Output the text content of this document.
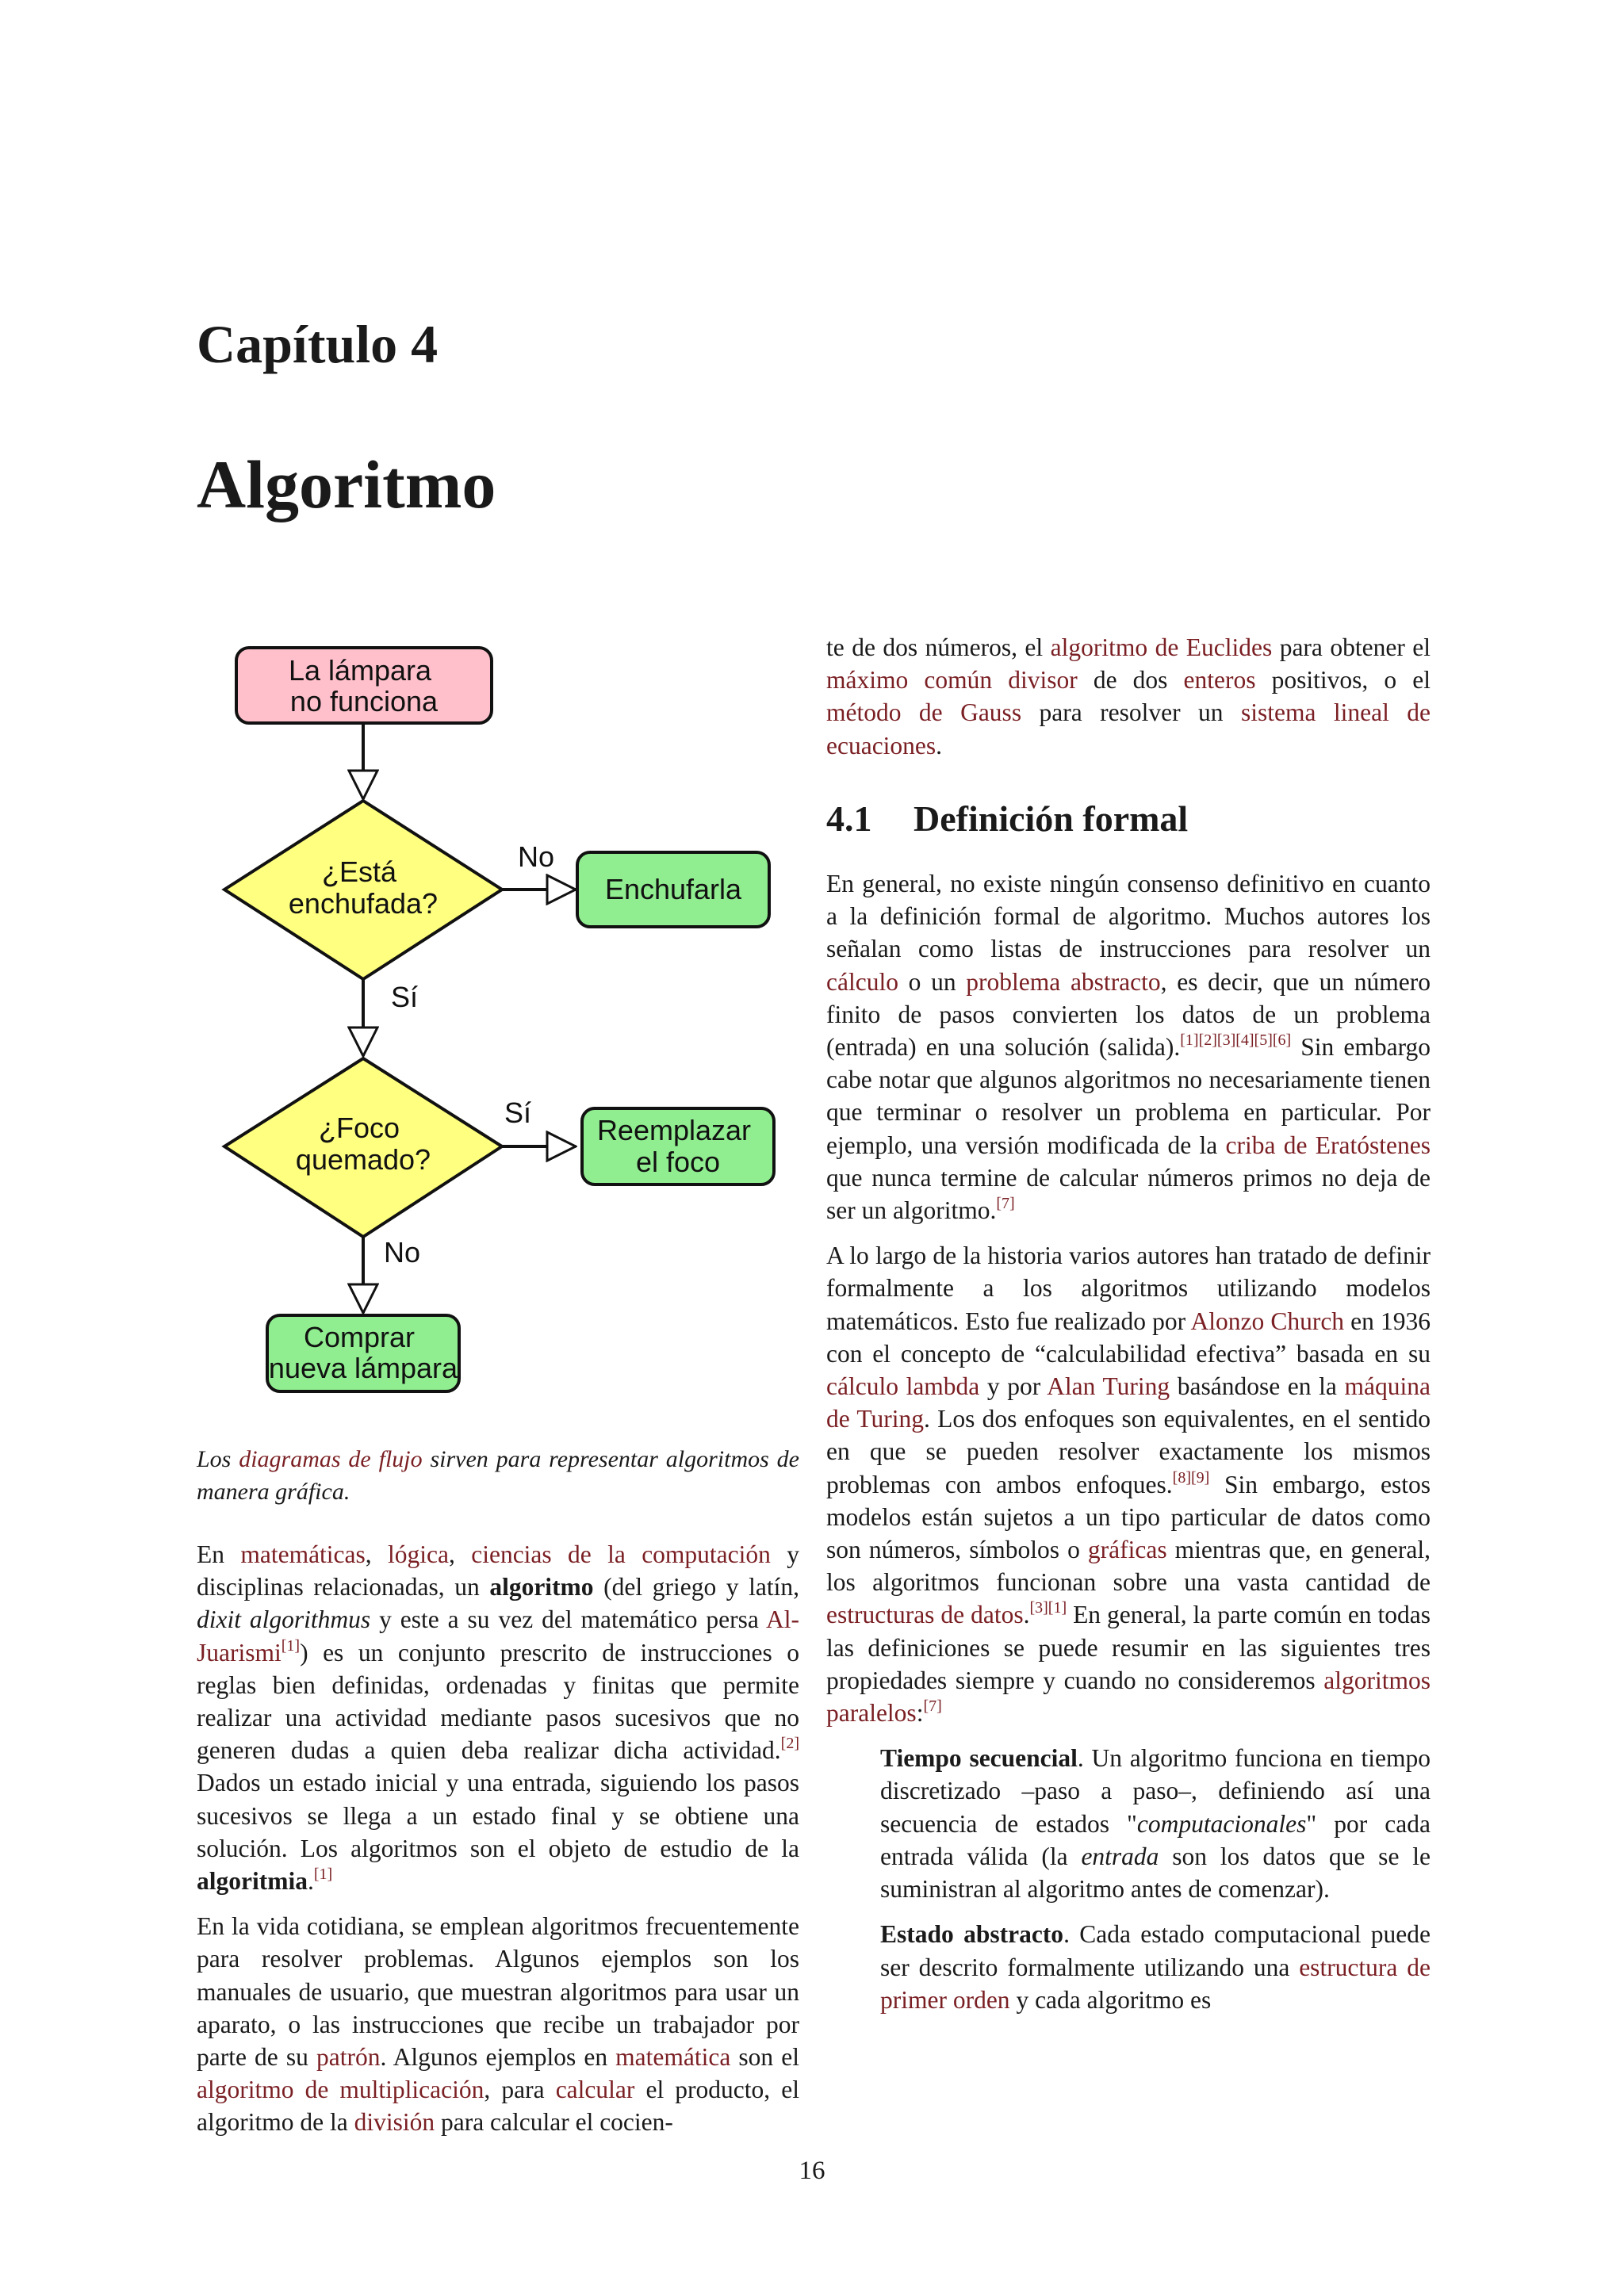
Capítulo 4
Algoritmo
La lámpara no funciona
¿Está enchufada?
No
Sí
Enchufarla
¿Foco quemado?
Sí
No
Reemplazar el foco
Comprar nueva lámpara

Los diagramas de flujo sirven para representar algoritmos de manera gráfica.

En matemáticas, lógica, ciencias de la computación y disciplinas relacionadas, un algoritmo (del griego y latín, dixit algorithmus y este a su vez del matemático persa Al-Juarismi[1]) es un conjunto prescrito de instrucciones o reglas bien definidas, ordenadas y finitas que permite realizar una actividad mediante pasos sucesivos que no generen dudas a quien deba realizar dicha actividad.[2] Dados un estado inicial y una entrada, siguiendo los pasos sucesivos se llega a un estado final y se obtiene una solución. Los algoritmos son el objeto de estudio de la algoritmia.[1]

En la vida cotidiana, se emplean algoritmos frecuentemente para resolver problemas. Algunos ejemplos son los manuales de usuario, que muestran algoritmos para usar un aparato, o las instrucciones que recibe un trabajador por parte de su patrón. Algunos ejemplos en matemática son el algoritmo de multiplicación, para calcular el producto, el algoritmo de la división para calcular el cocien-

te de dos números, el algoritmo de Euclides para obtener el máximo común divisor de dos enteros positivos, o el método de Gauss para resolver un sistema lineal de ecuaciones.

4.1 Definición formal

En general, no existe ningún consenso definitivo en cuanto a la definición formal de algoritmo. Muchos autores los señalan como listas de instrucciones para resolver un cálculo o un problema abstracto, es decir, que un número finito de pasos convierten los datos de un problema (entrada) en una solución (salida).[1][2][3][4][5][6] Sin embargo cabe notar que algunos algoritmos no necesariamente tienen que terminar o resolver un problema en particular. Por ejemplo, una versión modificada de la criba de Eratóstenes que nunca termine de calcular números primos no deja de ser un algoritmo.[7]

A lo largo de la historia varios autores han tratado de definir formalmente a los algoritmos utilizando modelos matemáticos. Esto fue realizado por Alonzo Church en 1936 con el concepto de “calculabilidad efectiva” basada en su cálculo lambda y por Alan Turing basándose en la máquina de Turing. Los dos enfoques son equivalentes, en el sentido en que se pueden resolver exactamente los mismos problemas con ambos enfoques.[8][9] Sin embargo, estos modelos están sujetos a un tipo particular de datos como son números, símbolos o gráficas mientras que, en general, los algoritmos funcionan sobre una vasta cantidad de estructuras de datos.[3][1] En general, la parte común en todas las definiciones se puede resumir en las siguientes tres propiedades siempre y cuando no consideremos algoritmos paralelos:[7]

Tiempo secuencial. Un algoritmo funciona en tiempo discretizado –paso a paso–, definiendo así una secuencia de estados "computacionales" por cada entrada válida (la entrada son los datos que se le suministran al algoritmo antes de comenzar).

Estado abstracto. Cada estado computacional puede ser descrito formalmente utilizando una estructura de primer orden y cada algoritmo es

16
